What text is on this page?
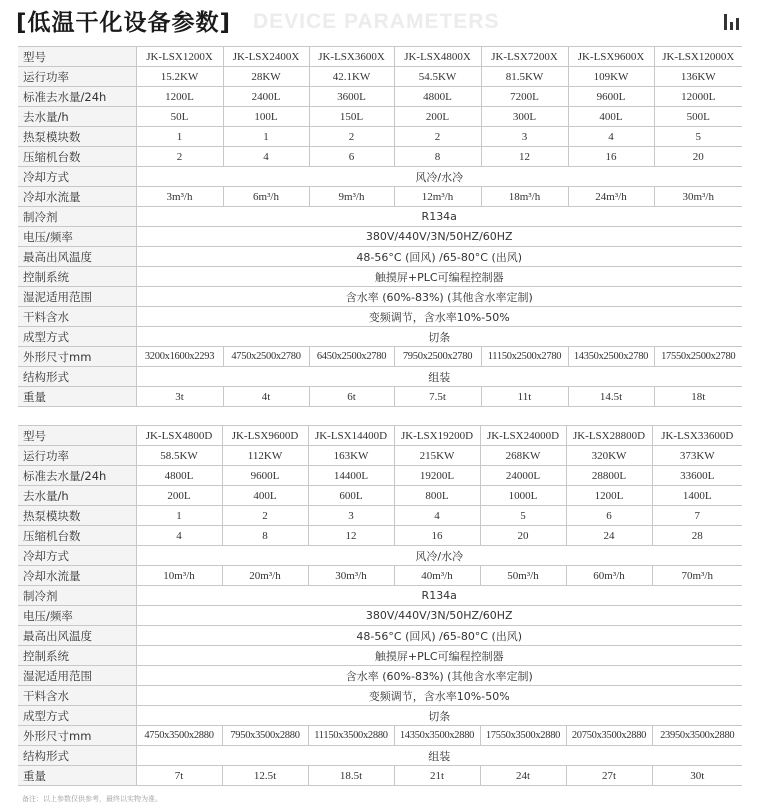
[低温干化设备参数] DEVICE PARAMETERS
型号	JK-LSX1200X	JK-LSX2400X	JK-LSX3600X	JK-LSX4800X	JK-LSX7200X	JK-LSX9600X	JK-LSX12000X
运行功率	15.2KW	28KW	42.1KW	54.5KW	81.5KW	109KW	136KW
标准去水量/24h	1200L	2400L	3600L	4800L	7200L	9600L	12000L
去水量/h	50L	100L	150L	200L	300L	400L	500L
热泵模块数	1	1	2	2	3	4	5
压缩机台数	2	4	6	8	12	16	20
冷却方式	风冷/水冷						
冷却水流量	3m³/h	6m³/h	9m³/h	12m³/h	18m³/h	24m³/h	30m³/h
制冷剂	R134a						
电压/频率	380V/440V/3N/50HZ/60HZ						
最高出风温度	48-56°C (回风) /65-80°C (出风)						
控制系统	触摸屏+PLC可编程控制器						
湿泥适用范围	含水率 (60%-83%) (其他含水率定制)						
干料含水	变频调节，含水率10%-50%						
成型方式	切条						
外形尺寸mm	3200x1600x2293	4750x2500x2780	6450x2500x2780	7950x2500x2780	11150x2500x2780	14350x2500x2780	17550x2500x2780
结构形式	组装						
重量	3t	4t	6t	7.5t	11t	14.5t	18t
型号	JK-LSX4800D	JK-LSX9600D	JK-LSX14400D	JK-LSX19200D	JK-LSX24000D	JK-LSX28800D	JK-LSX33600D
运行功率	58.5KW	112KW	163KW	215KW	268KW	320KW	373KW
标准去水量/24h	4800L	9600L	14400L	19200L	24000L	28800L	33600L
去水量/h	200L	400L	600L	800L	1000L	1200L	1400L
热泵模块数	1	2	3	4	5	6	7
压缩机台数	4	8	12	16	20	24	28
冷却方式	风冷/水冷						
冷却水流量	10m³/h	20m³/h	30m³/h	40m³/h	50m³/h	60m³/h	70m³/h
制冷剂	R134a						
电压/频率	380V/440V/3N/50HZ/60HZ						
最高出风温度	48-56°C (回风) /65-80°C (出风)						
控制系统	触摸屏+PLC可编程控制器						
湿泥适用范围	含水率 (60%-83%) (其他含水率定制)						
干料含水	变频调节，含水率10%-50%						
成型方式	切条						
外形尺寸mm	4750x3500x2880	7950x3500x2880	11150x3500x2880	14350x3500x2880	17550x3500x2880	20750x3500x2880	23950x3500x2880
结构形式	组装						
重量	7t	12.5t	18.5t	21t	24t	27t	30t
备注：以上参数仅供参考，最终以实物为准。
